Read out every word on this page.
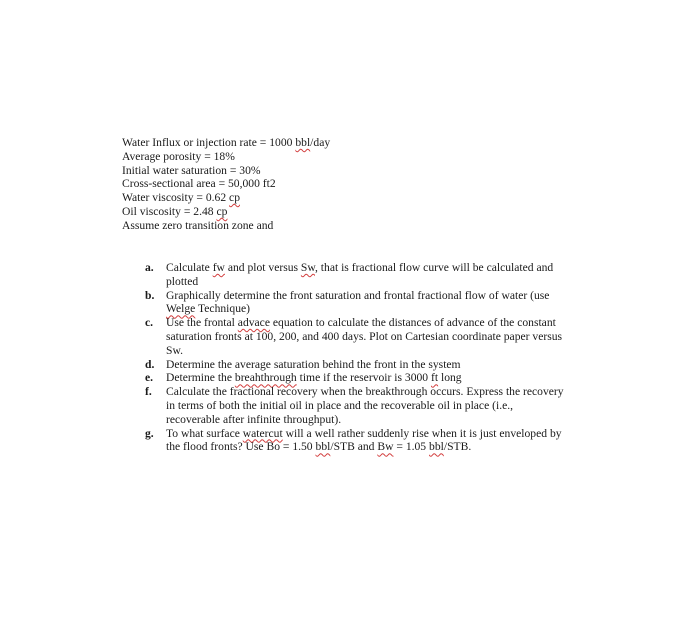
Water Influx or injection rate = 1000 bbl/day
Average porosity = 18%
Initial water saturation = 30%
Cross-sectional area = 50,000 ft2
Water viscosity = 0.62 cp
Oil viscosity = 2.48 cp
Assume zero transition zone and
a. Calculate fw and plot versus Sw, that is fractional flow curve will be calculated and plotted
b. Graphically determine the front saturation and frontal fractional flow of water (use Welge Technique)
c. Use the frontal advace equation to calculate the distances of advance of the constant saturation fronts at 100, 200, and 400 days. Plot on Cartesian coordinate paper versus Sw.
d. Determine the average saturation behind the front in the system
e. Determine the breahthrough time if the reservoir is 3000 ft long
f. Calculate the fractional recovery when the breakthrough occurs. Express the recovery in terms of both the initial oil in place and the recoverable oil in place (i.e., recoverable after infinite throughput).
g. To what surface watercut will a well rather suddenly rise when it is just enveloped by the flood fronts? Use Bo = 1.50 bbl/STB and Bw = 1.05 bbl/STB.
